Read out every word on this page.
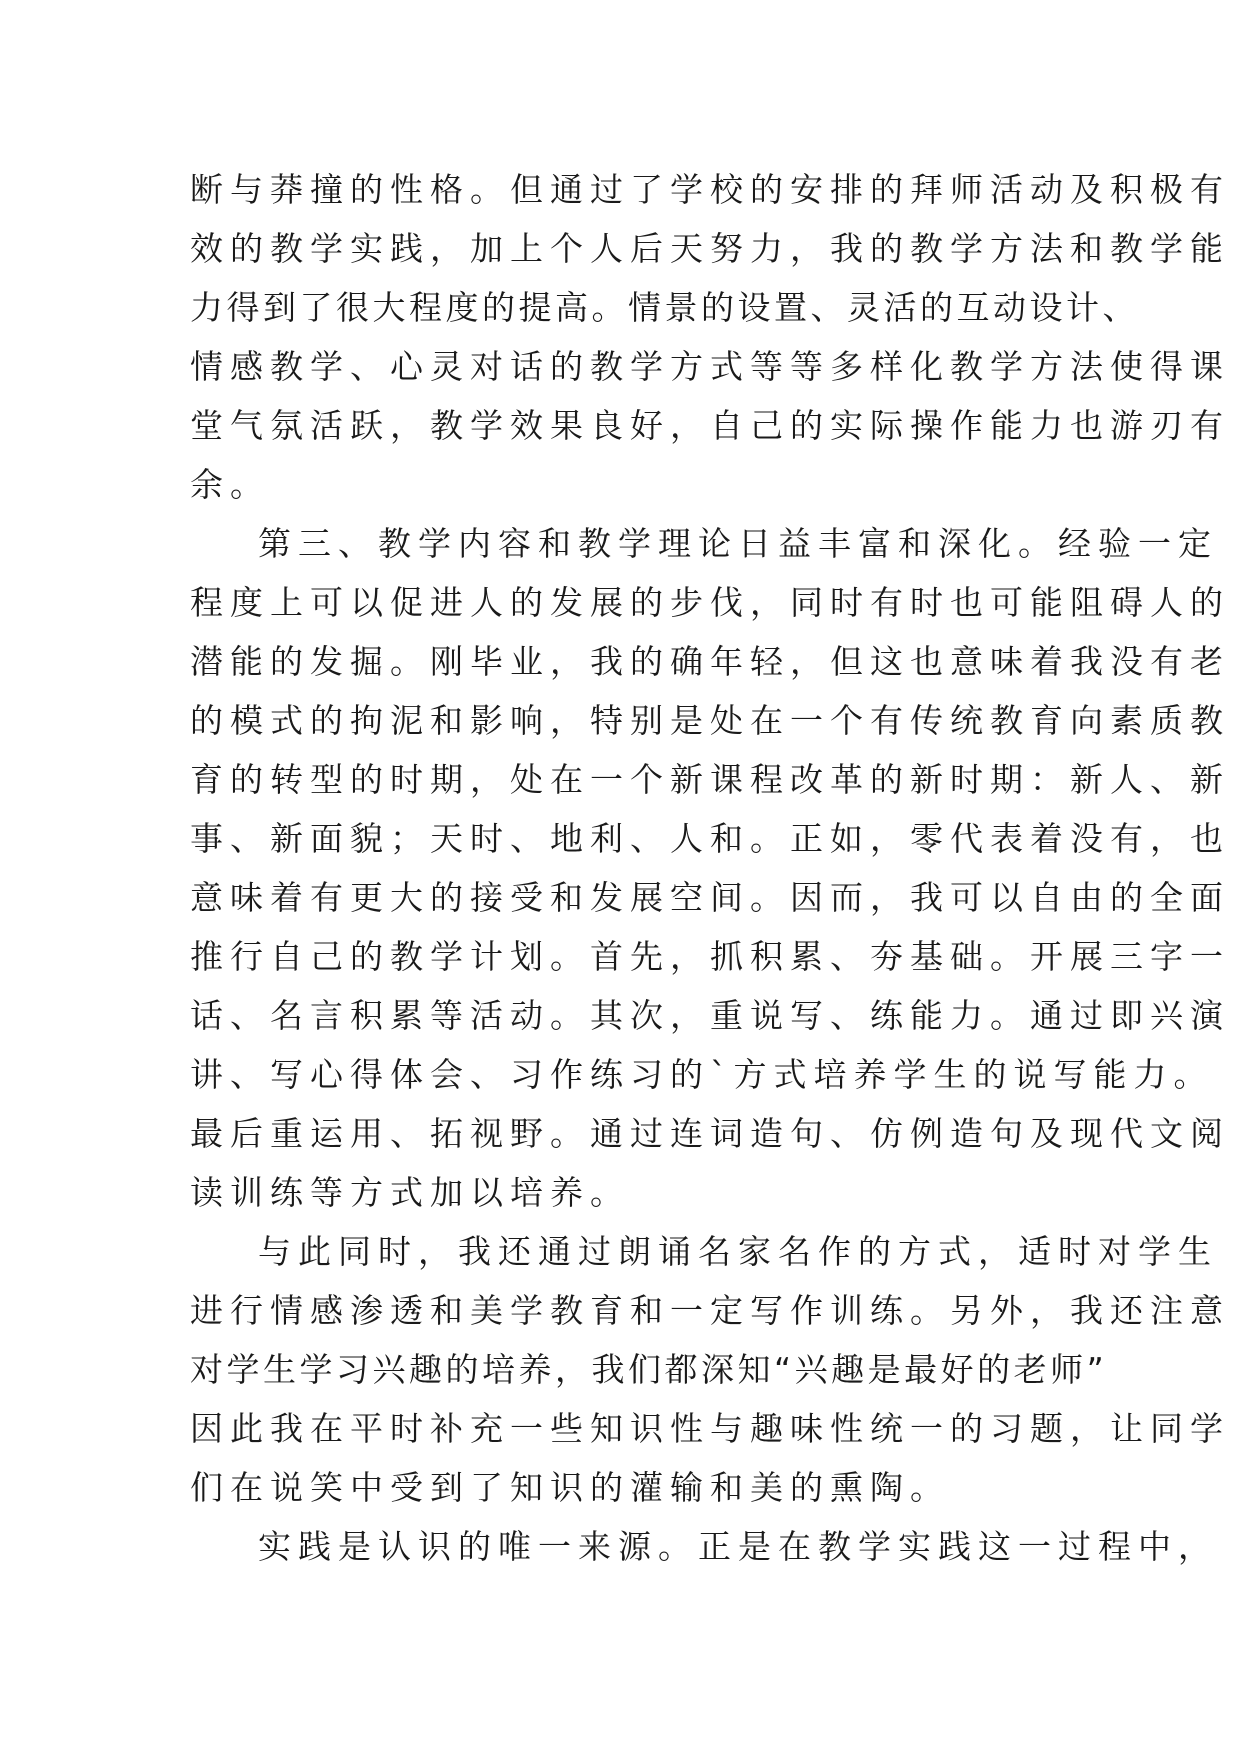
断与莽撞的性格。但通过了学校的安排的拜师活动及积极有
效的教学实践，加上个人后天努力，我的教学方法和教学能
力得到了很大程度的提高。情景的设置、灵活的互动设计、
情感教学、心灵对话的教学方式等等多样化教学方法使得课
堂气氛活跃，教学效果良好，自己的实际操作能力也游刃有
余。
第三、教学内容和教学理论日益丰富和深化。经验一定
程度上可以促进人的发展的步伐，同时有时也可能阻碍人的
潜能的发掘。刚毕业，我的确年轻，但这也意味着我没有老
的模式的拘泥和影响，特别是处在一个有传统教育向素质教
育的转型的时期，处在一个新课程改革的新时期：新人、新
事、新面貌；天时、地利、人和。正如，零代表着没有，也
意味着有更大的接受和发展空间。因而，我可以自由的全面
推行自己的教学计划。首先，抓积累、夯基础。开展三字一
话、名言积累等活动。其次，重说写、练能力。通过即兴演
讲、写心得体会、习作练习的`方式培养学生的说写能力。
最后重运用、拓视野。通过连词造句、仿例造句及现代文阅
读训练等方式加以培养。
与此同时，我还通过朗诵名家名作的方式，适时对学生
进行情感渗透和美学教育和一定写作训练。另外，我还注意
对学生学习兴趣的培养，我们都深知“兴趣是最好的老师”
因此我在平时补充一些知识性与趣味性统一的习题，让同学
们在说笑中受到了知识的灌输和美的熏陶。
实践是认识的唯一来源。正是在教学实践这一过程中，
